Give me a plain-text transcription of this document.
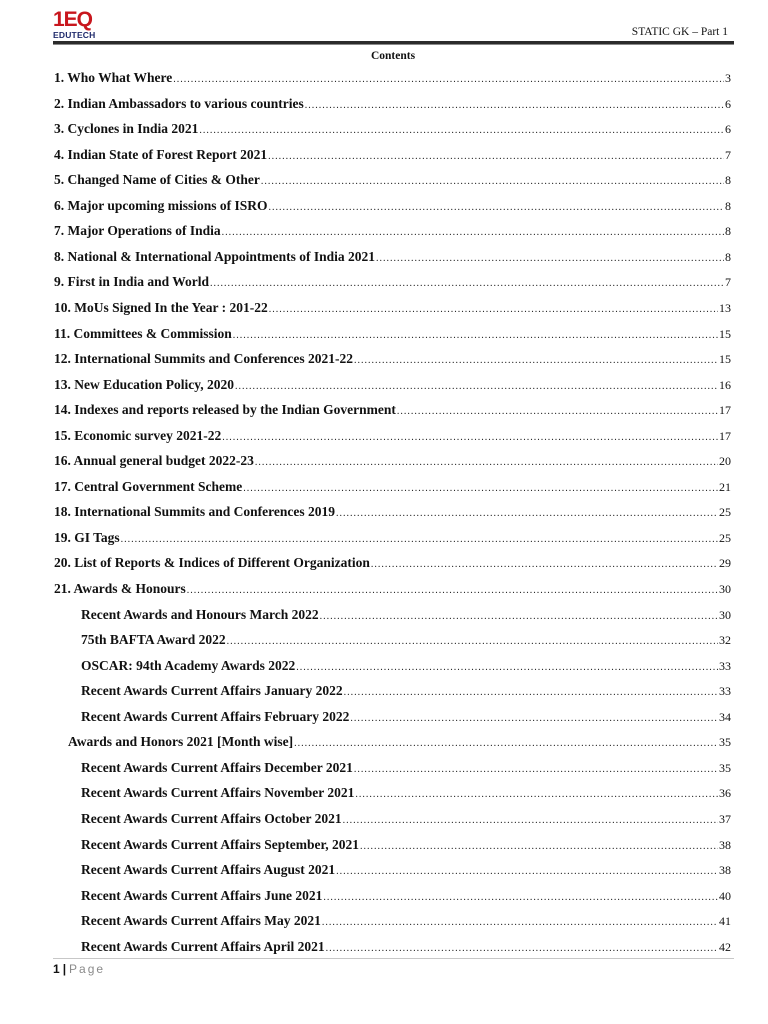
1EQ
EDUTECH	STATIC GK – Part 1
Contents
1. Who What Where .....	3
2. Indian Ambassadors to various countries .....	6
3. Cyclones in India 2021 .....	6
4. Indian State of Forest Report 2021 .....	7
5. Changed Name of Cities & Other .....	8
6. Major upcoming missions of ISRO .....	8
7. Major Operations of India .....	8
8. National & International Appointments of India 2021 .....	8
9. First in India and World .....	7
10. MoUs Signed In the Year : 201-22 .....	13
11. Committees & Commission .....	15
12. International Summits and Conferences 2021-22 .....	15
13. New Education Policy, 2020 .....	16
14. Indexes and reports released by the Indian Government .....	17
15. Economic survey 2021-22 .....	17
16. Annual general budget 2022-23 .....	20
17. Central Government Scheme .....	21
18. International Summits and Conferences 2019 .....	25
19. GI Tags .....	25
20. List of Reports & Indices of Different Organization .....	29
21. Awards & Honours .....	30
Recent Awards and Honours March 2022 .....	30
75th BAFTA Award 2022 .....	32
OSCAR: 94th Academy Awards 2022 .....	33
Recent Awards Current Affairs January 2022 .....	33
Recent Awards Current Affairs February 2022 .....	34
Awards and Honors 2021 [Month wise] .....	35
Recent Awards Current Affairs December 2021 .....	35
Recent Awards Current Affairs November 2021 .....	36
Recent Awards Current Affairs October 2021 .....	37
Recent Awards Current Affairs September, 2021 .....	38
Recent Awards Current Affairs August 2021 .....	38
Recent Awards Current Affairs June 2021 .....	40
Recent Awards Current Affairs May 2021 .....	41
Recent Awards Current Affairs April 2021 .....	42
1 | Page
